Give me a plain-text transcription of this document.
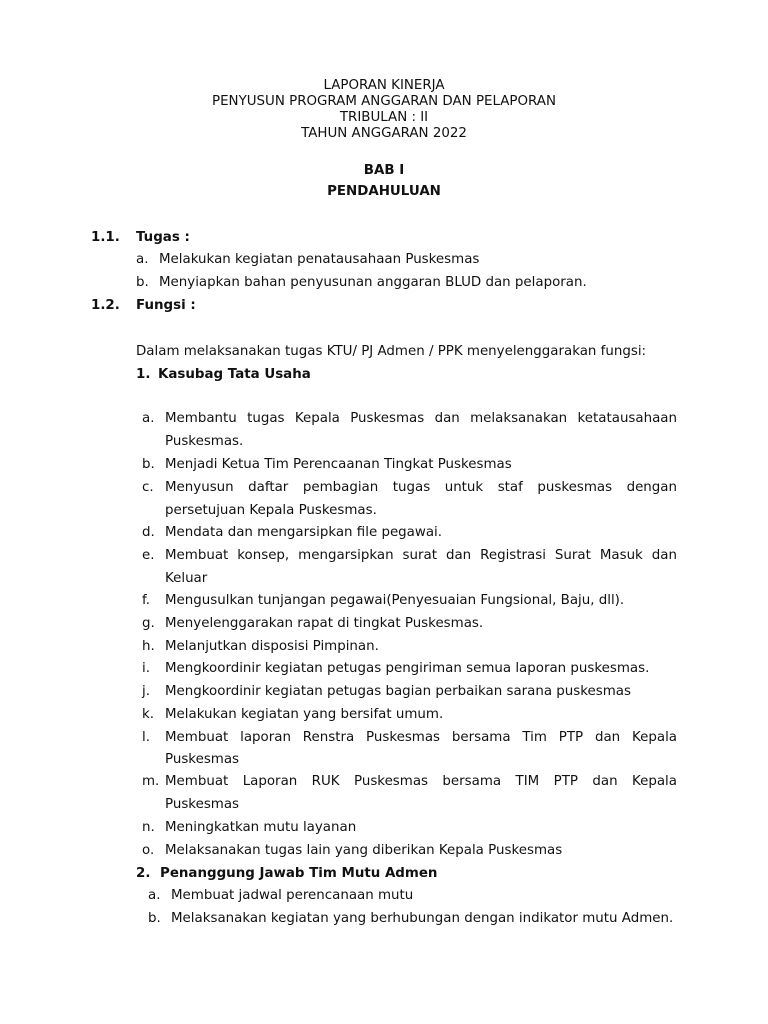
LAPORAN KINERJA
PENYUSUN PROGRAM ANGGARAN DAN PELAPORAN
TRIBULAN : II
TAHUN ANGGARAN 2022
BAB I
PENDAHULUAN
1.1. Tugas :
a. Melakukan kegiatan penatausahaan Puskesmas
b. Menyiapkan bahan penyusunan anggaran BLUD dan pelaporan.
1.2. Fungsi :
Dalam melaksanakan tugas KTU/ PJ Admen / PPK menyelenggarakan fungsi:
1. Kasubag Tata Usaha
a. Membantu tugas Kepala Puskesmas dan melaksanakan ketatausahaan
Puskesmas.
b. Menjadi Ketua Tim Perencaanan Tingkat Puskesmas
c. Menyusun daftar pembagian tugas untuk staf puskesmas dengan
persetujuan Kepala Puskesmas.
d. Mendata dan mengarsipkan file pegawai.
e. Membuat konsep, mengarsipkan surat dan Registrasi Surat Masuk dan
Keluar
f. Mengusulkan tunjangan pegawai(Penyesuaian Fungsional, Baju, dll).
g. Menyelenggarakan rapat di tingkat Puskesmas.
h. Melanjutkan disposisi Pimpinan.
i. Mengkoordinir kegiatan petugas pengiriman semua laporan puskesmas.
j. Mengkoordinir kegiatan petugas bagian perbaikan sarana puskesmas
k. Melakukan kegiatan yang bersifat umum.
l. Membuat laporan Renstra Puskesmas bersama Tim PTP dan Kepala
Puskesmas
m. Membuat Laporan RUK Puskesmas bersama TIM PTP dan Kepala
Puskesmas
n. Meningkatkan mutu layanan
o. Melaksanakan tugas lain yang diberikan Kepala Puskesmas
2. Penanggung Jawab Tim Mutu Admen
a. Membuat jadwal perencanaan mutu
b. Melaksanakan kegiatan yang berhubungan dengan indikator mutu Admen.
